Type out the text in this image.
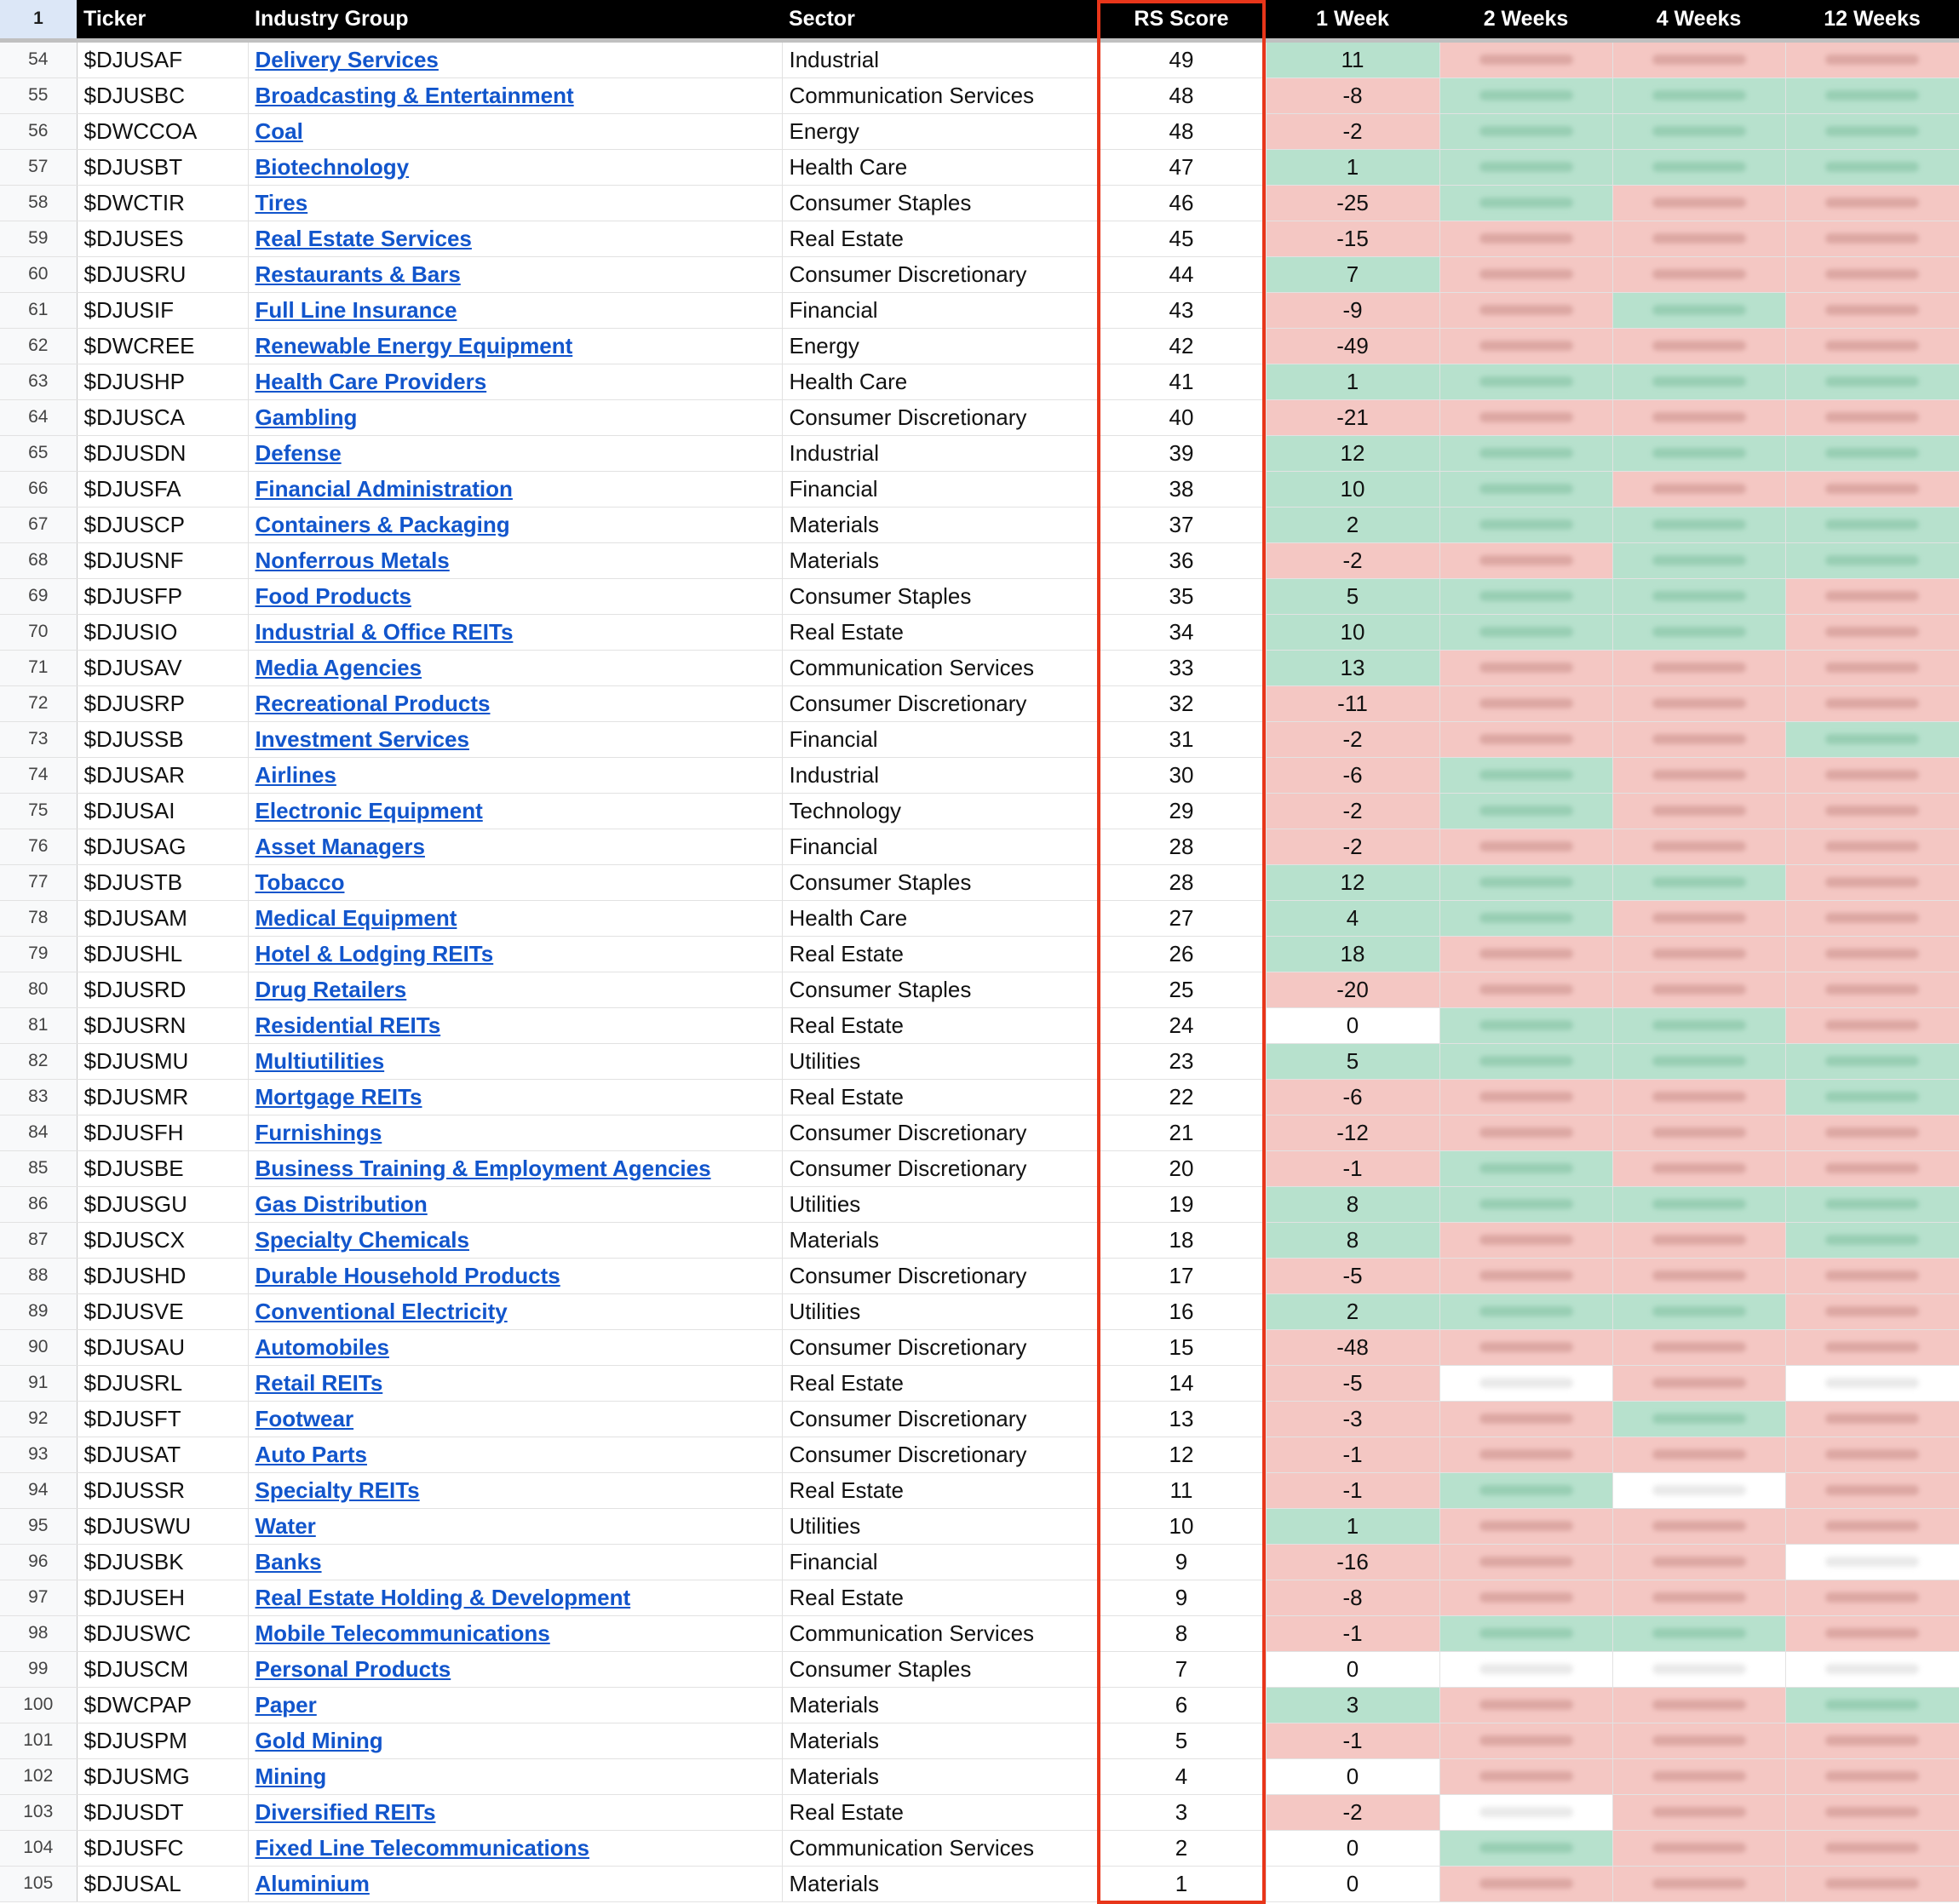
1	Ticker	Industry Group	Sector	RS Score	1 Week	2 Weeks	4 Weeks	12 Weeks
54	$DJUSAF	Delivery Services	Industrial	49	11	

55	$DJUSBC	Broadcasting & Entertainment	Communication Services	48	-8	

56	$DWCCOA	Coal	Energy	48	-2	

57	$DJUSBT	Biotechnology	Health Care	47	1	

58	$DWCTIR	Tires	Consumer Staples	46	-25	

59	$DJUSES	Real Estate Services	Real Estate	45	-15	

60	$DJUSRU	Restaurants & Bars	Consumer Discretionary	44	7	

61	$DJUSIF	Full Line Insurance	Financial	43	-9	

62	$DWCREE	Renewable Energy Equipment	Energy	42	-49	

63	$DJUSHP	Health Care Providers	Health Care	41	1	

64	$DJUSCA	Gambling	Consumer Discretionary	40	-21	

65	$DJUSDN	Defense	Industrial	39	12	

66	$DJUSFA	Financial Administration	Financial	38	10	

67	$DJUSCP	Containers & Packaging	Materials	37	2	

68	$DJUSNF	Nonferrous Metals	Materials	36	-2	

69	$DJUSFP	Food Products	Consumer Staples	35	5	

70	$DJUSIO	Industrial & Office REITs	Real Estate	34	10	

71	$DJUSAV	Media Agencies	Communication Services	33	13	

72	$DJUSRP	Recreational Products	Consumer Discretionary	32	-11	

73	$DJUSSB	Investment Services	Financial	31	-2	

74	$DJUSAR	Airlines	Industrial	30	-6	

75	$DJUSAI	Electronic Equipment	Technology	29	-2	

76	$DJUSAG	Asset Managers	Financial	28	-2	

77	$DJUSTB	Tobacco	Consumer Staples	28	12	

78	$DJUSAM	Medical Equipment	Health Care	27	4	

79	$DJUSHL	Hotel & Lodging REITs	Real Estate	26	18	

80	$DJUSRD	Drug Retailers	Consumer Staples	25	-20	

81	$DJUSRN	Residential REITs	Real Estate	24	0	

82	$DJUSMU	Multiutilities	Utilities	23	5	

83	$DJUSMR	Mortgage REITs	Real Estate	22	-6	

84	$DJUSFH	Furnishings	Consumer Discretionary	21	-12	

85	$DJUSBE	Business Training & Employment Agencies	Consumer Discretionary	20	-1	

86	$DJUSGU	Gas Distribution	Utilities	19	8	

87	$DJUSCX	Specialty Chemicals	Materials	18	8	

88	$DJUSHD	Durable Household Products	Consumer Discretionary	17	-5	

89	$DJUSVE	Conventional Electricity	Utilities	16	2	

90	$DJUSAU	Automobiles	Consumer Discretionary	15	-48	

91	$DJUSRL	Retail REITs	Real Estate	14	-5	

92	$DJUSFT	Footwear	Consumer Discretionary	13	-3	

93	$DJUSAT	Auto Parts	Consumer Discretionary	12	-1	

94	$DJUSSR	Specialty REITs	Real Estate	11	-1	

95	$DJUSWU	Water	Utilities	10	1	

96	$DJUSBK	Banks	Financial	9	-16	

97	$DJUSEH	Real Estate Holding & Development	Real Estate	9	-8	

98	$DJUSWC	Mobile Telecommunications	Communication Services	8	-1	

99	$DJUSCM	Personal Products	Consumer Staples	7	0	

100	$DWCPAP	Paper	Materials	6	3	

101	$DJUSPM	Gold Mining	Materials	5	-1	

102	$DJUSMG	Mining	Materials	4	0	

103	$DJUSDT	Diversified REITs	Real Estate	3	-2	

104	$DJUSFC	Fixed Line Telecommunications	Communication Services	2	0	

105	$DJUSAL	Aluminium	Materials	1	0	
